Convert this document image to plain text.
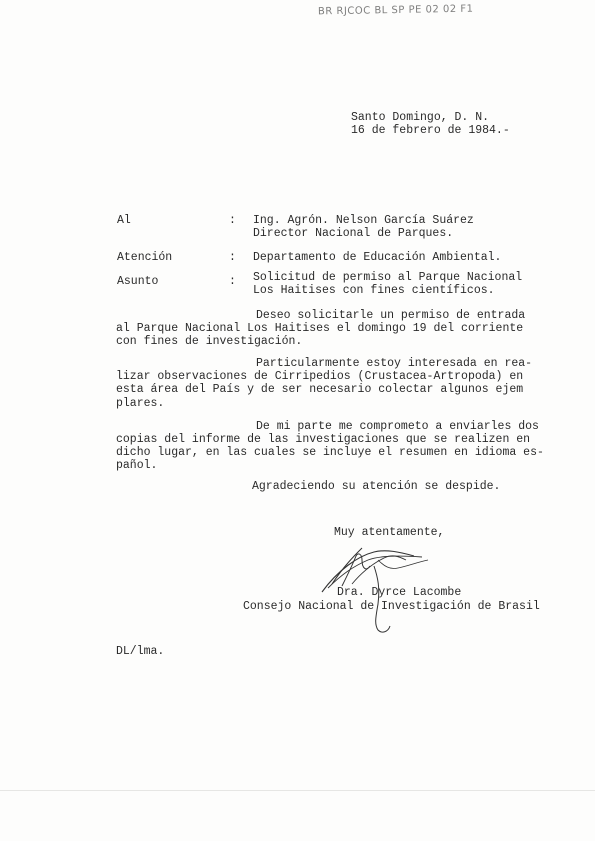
BR RJCOC BL SP PE 02 02 F1
Santo Domingo, D. N.
16 de febrero de 1984.-
Al	: Ing. Agrón. Nelson García Suárez
Director Nacional de Parques.
Atención	: Departamento de Educación Ambiental.
Asunto	: Solicitud de permiso al Parque Nacional
Los Haitises con fines científicos.
Deseo solicitarle un permiso de entrada
al Parque Nacional Los Haitises el domingo 19 del corriente
con fines de investigación.
Particularmente estoy interesada en rea-
lizar observaciones de Cirripedios (Crustacea-Artropoda) en
esta área del País y de ser necesario colectar algunos ejem
plares.
De mi parte me comprometo a enviarles dos
copias del informe de las investigaciones que se realizen en
dicho lugar, en las cuales se incluye el resumen en idioma es-
pañol.
Agradeciendo su atención se despide.
Muy atentamente,
Dra. Dyrce Lacombe
Consejo Nacional de Investigación de Brasil
DL/lma.
